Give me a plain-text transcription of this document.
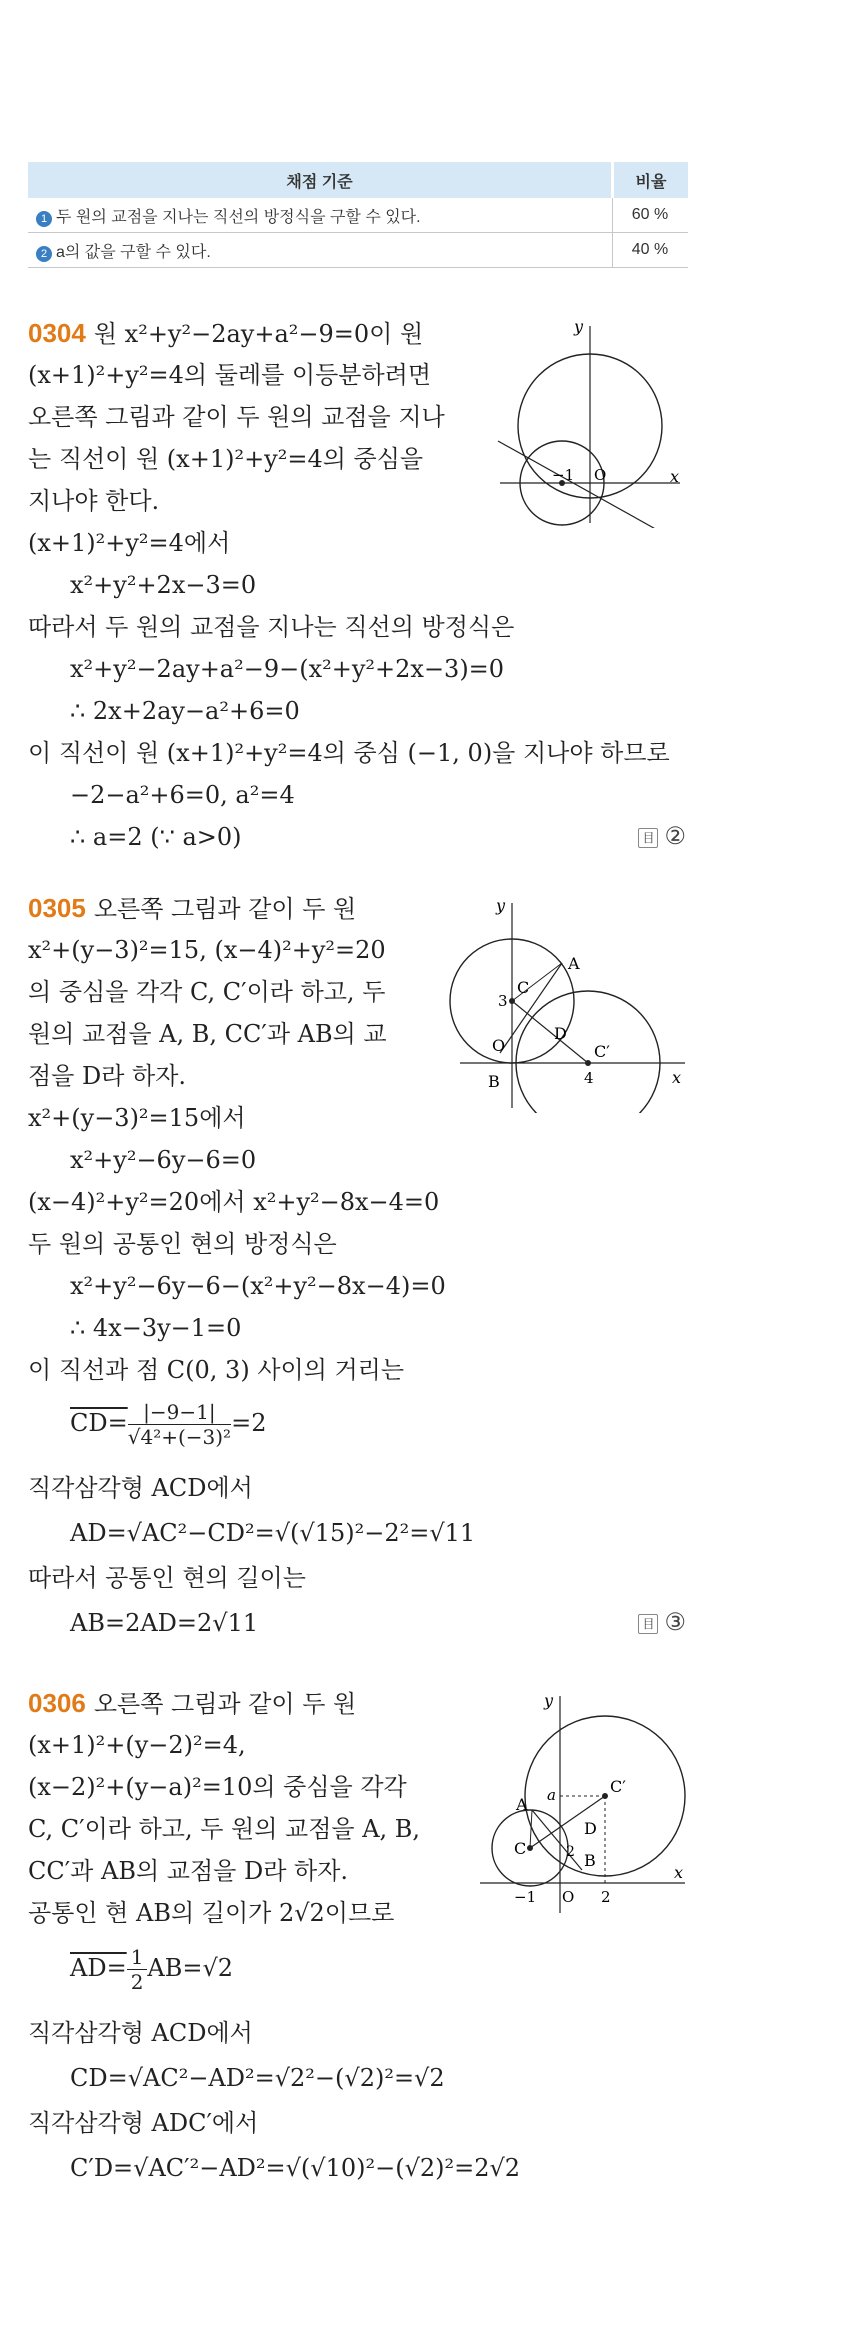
채점 기준	비율
1 두 원의 교점을 지나는 직선의 방정식을 구할 수 있다.	60 %
2 a의 값을 구할 수 있다.	40 %
0304 원 x²+y²−2ay+a²−9=0이 원
(x+1)²+y²=4의 둘레를 이등분하려면
오른쪽 그림과 같이 두 원의 교점을 지나
는 직선이 원 (x+1)²+y²=4의 중심을
지나야 한다.
(x+1)²+y²=4에서
x²+y²+2x−3=0
따라서 두 원의 교점을 지나는 직선의 방정식은
x²+y²−2ay+a²−9−(x²+y²+2x−3)=0
∴ 2x+2ay−a²+6=0
이 직선이 원 (x+1)²+y²=4의 중심 (−1, 0)을 지나야 하므로
−2−a²+6=0, a²=4
∴ a=2 (∵ a>0)	目 ②
y
x
−1 O
0305 오른쪽 그림과 같이 두 원
x²+(y−3)²=15, (x−4)²+y²=20
의 중심을 각각 C, C′이라 하고, 두
원의 교점을 A, B, CC′과 AB의 교
점을 D라 하자.
x²+(y−3)²=15에서
x²+y²−6y−6=0
(x−4)²+y²=20에서 x²+y²−8x−4=0
두 원의 공통인 현의 방정식은
x²+y²−6y−6−(x²+y²−8x−4)=0
∴ 4x−3y−1=0
이 직선과 점 C(0, 3) 사이의 거리는
$CD= \frac{|-9-1|}{\text{√4²+(−3)²}} =2$
직각삼각형 ACD에서
AD=√AC²−CD²=√(√15)²−2²=√11
따라서 공통인 현의 길이는
AB=2AD=2√11	目 ③
y
x
A
C
C′
D
B
O
3
4
0306 오른쪽 그림과 같이 두 원
(x+1)²+(y−2)²=4,
(x−2)²+(y−a)²=10의 중심을 각각
C, C′이라 하고, 두 원의 교점을 A, B,
CC′과 AB의 교점을 D라 하자.
공통인 현 AB의 길이가 2√2이므로
$AD= \frac{1}{2} AB=√2$
직각삼각형 ACD에서
CD=√AC²−AD²=√2²−(√2)²=√2
직각삼각형 ADC′에서
C′D=√AC′²−AD²=√(√10)²−(√2)²=2√2
y
x
A
C
C′
D
B
O
a
2
2
−1
